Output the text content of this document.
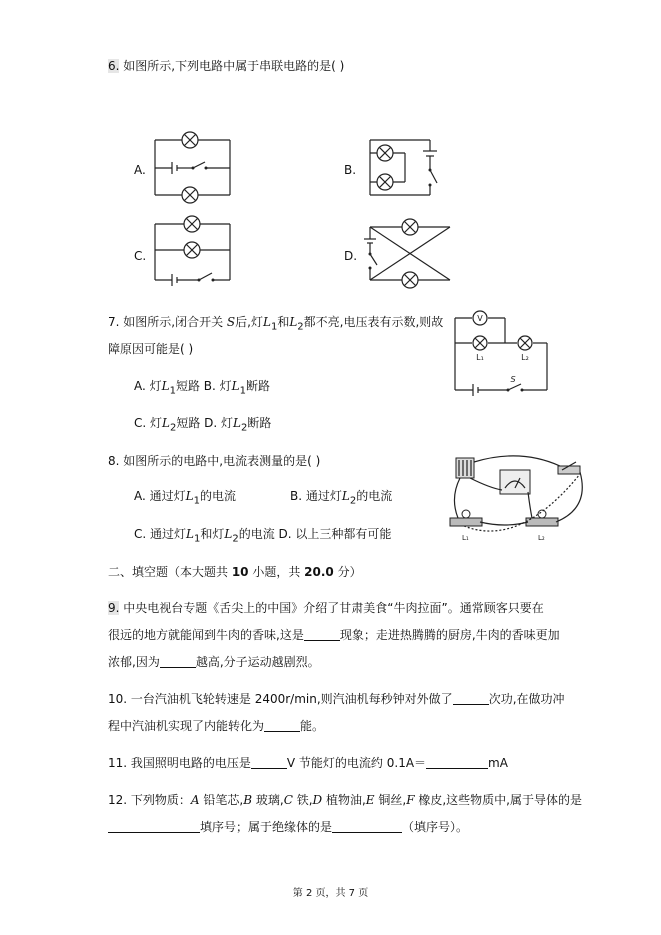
6. 如图所示,下列电路中属于串联电路的是( )
A.	B.
C.	D.
7. 如图所示,闭合开关 S后,灯$L_1$和$L_2$都不亮,电压表有示数,则故
障原因可能是( )
A. 灯$L_1$短路 B. 灯$L_1$断路
C. 灯$L_2$短路 D. 灯$L_2$断路
V
L₁	L₂
S
8. 如图所示的电路中,电流表测量的是( )
A. 通过灯$L_1$的电流	B. 通过灯$L_2$的电流
C. 通过灯$L_1$和灯$L_2$的电流 D. 以上三种都有可能	L₁	L₂
二、填空题（本大题共 10 小题，共 20.0 分）
9. 中央电视台专题《舌尖上的中国》介绍了甘肃美食“牛肉拉面”。通常顾客只要在
很远的地方就能闻到牛肉的香味,这是	现象；走进热腾腾的厨房,牛肉的香味更加
浓郁,因为	越高,分子运动越剧烈。
10. 一台汽油机飞轮转速是 2400r/min,则汽油机每秒钟对外做了	次功,在做功冲
程中汽油机实现了内能转化为	能。
11. 我国照明电路的电压是	V 节能灯的电流约 0.1A＝	mA
12. 下列物质：A 铅笔芯,B 玻璃,C 铁,D 植物油,E 铜丝,F 橡皮,这些物质中,属于导体的是
填序号；属于绝缘体的是	（填序号）。
第 2 页，共 7 页
